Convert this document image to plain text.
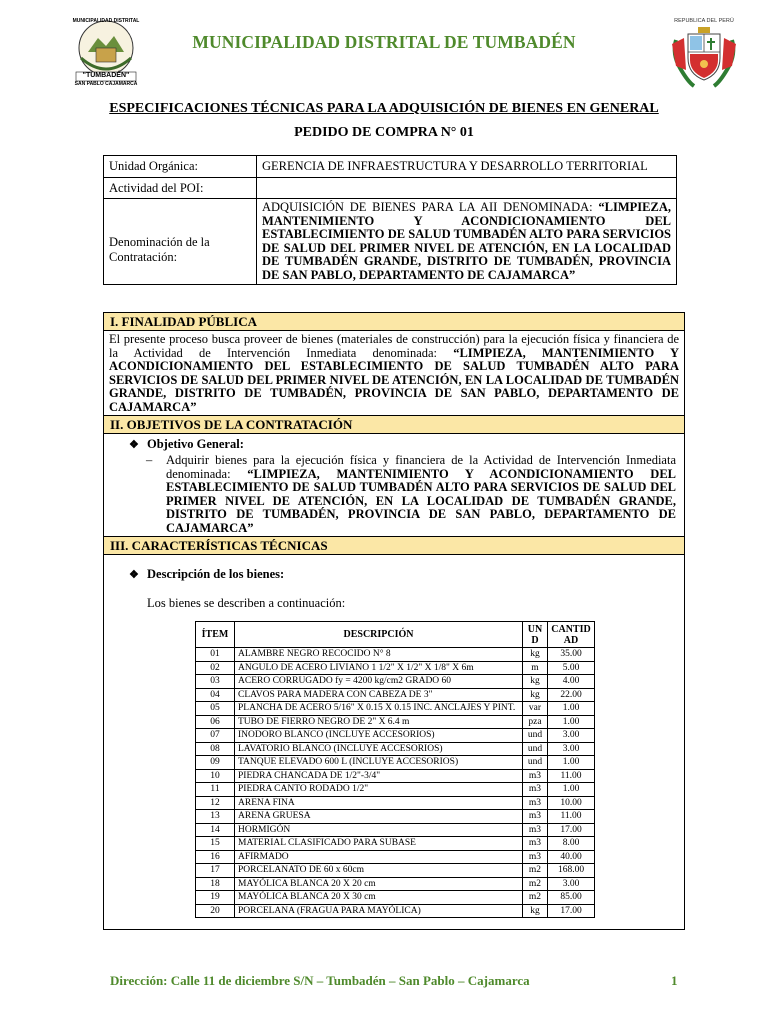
MUNICIPALIDAD DISTRITAL
"TUMBADÉN"
SAN PABLO CAJAMARCA
MUNICIPALIDAD DISTRITAL DE TUMBADÉN
REPUBLICA DEL PERÚ
ESPECIFICACIONES TÉCNICAS PARA LA ADQUISICIÓN DE BIENES EN GENERAL
PEDIDO DE COMPRA N° 01
Unidad Orgánica:	GERENCIA DE INFRAESTRUCTURA Y DESARROLLO TERRITORIAL
Actividad del POI:	
Denominación de la Contratación:	ADQUISICIÓN DE BIENES PARA LA AII DENOMINADA: “LIMPIEZA, MANTENIMIENTO Y ACONDICIONAMIENTO DEL ESTABLECIMIENTO DE SALUD TUMBADÉN ALTO PARA SERVICIOS DE SALUD DEL PRIMER NIVEL DE ATENCIÓN, EN LA LOCALIDAD DE TUMBADÉN GRANDE, DISTRITO DE TUMBADÉN, PROVINCIA DE SAN PABLO, DEPARTAMENTO DE CAJAMARCA”
I. FINALIDAD PÚBLICA
El presente proceso busca proveer de bienes (materiales de construcción) para la ejecución física y financiera de la Actividad de Intervención Inmediata denominada: “LIMPIEZA, MANTENIMIENTO Y ACONDICIONAMIENTO DEL ESTABLECIMIENTO DE SALUD TUMBADÉN ALTO PARA SERVICIOS DE SALUD DEL PRIMER NIVEL DE ATENCIÓN, EN LA LOCALIDAD DE TUMBADÉN GRANDE, DISTRITO DE TUMBADÉN, PROVINCIA DE SAN PABLO, DEPARTAMENTO DE CAJAMARCA”
II. OBJETIVOS DE LA CONTRATACIÓN
❖ Objetivo General:
– Adquirir bienes para la ejecución física y financiera de la Actividad de Intervención Inmediata denominada: “LIMPIEZA, MANTENIMIENTO Y ACONDICIONAMIENTO DEL ESTABLECIMIENTO DE SALUD TUMBADÉN ALTO PARA SERVICIOS DE SALUD DEL PRIMER NIVEL DE ATENCIÓN, EN LA LOCALIDAD DE TUMBADÉN GRANDE, DISTRITO DE TUMBADÉN, PROVINCIA DE SAN PABLO, DEPARTAMENTO DE CAJAMARCA”
III. CARACTERÍSTICAS TÉCNICAS
❖ Descripción de los bienes:
Los bienes se describen a continuación:
ÍTEM	DESCRIPCIÓN	UN D	CANTID AD
01	ALAMBRE NEGRO RECOCIDO N° 8	kg	35.00
02	ANGULO DE ACERO LIVIANO 1 1/2" X 1/2" X 1/8" X 6m	m	5.00
03	ACERO CORRUGADO fy = 4200 kg/cm2 GRADO 60	kg	4.00
04	CLAVOS PARA MADERA CON CABEZA DE 3"	kg	22.00
05	PLANCHA DE ACERO 5/16" X 0.15 X 0.15 INC. ANCLAJES Y PINT.	var	1.00
06	TUBO DE FIERRO NEGRO DE 2" X 6.4 m	pza	1.00
07	INODORO BLANCO (INCLUYE ACCESORIOS)	und	3.00
08	LAVATORIO BLANCO (INCLUYE ACCESORIOS)	und	3.00
09	TANQUE ELEVADO 600 L (INCLUYE ACCESORIOS)	und	1.00
10	PIEDRA CHANCADA DE 1/2"-3/4"	m3	11.00
11	PIEDRA CANTO RODADO 1/2"	m3	1.00
12	ARENA FINA	m3	10.00
13	ARENA GRUESA	m3	11.00
14	HORMIGÓN	m3	17.00
15	MATERIAL CLASIFICADO PARA SUBASE	m3	8.00
16	AFIRMADO	m3	40.00
17	PORCELANATO DE 60 x 60cm	m2	168.00
18	MAYÓLICA BLANCA 20 X 20 cm	m2	3.00
19	MAYÓLICA BLANCA 20 X 30 cm	m2	85.00
20	PORCELANA (FRAGUA PARA MAYÓLICA)	kg	17.00
Dirección: Calle 11 de diciembre S/N – Tumbadén – San Pablo – Cajamarca	1
